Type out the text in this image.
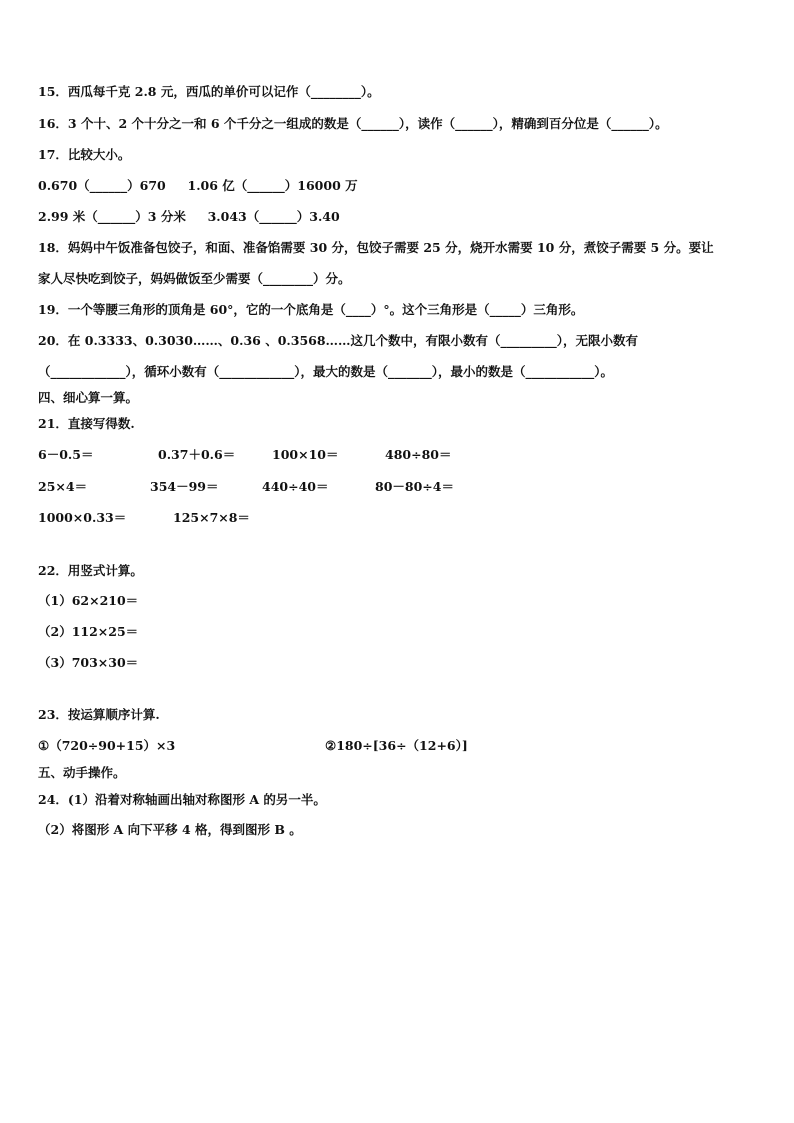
15．西瓜每千克 2.8 元，西瓜的单价可以记作（________）。
16．3 个十、2 个十分之一和 6 个千分之一组成的数是（______），读作（______），精确到百分位是（______）。
17．比较大小。
0.670（______）670     1.06 亿（______）16000 万
2.99 米（______）3 分米     3.043（______）3.40
18．妈妈中午饭准备包饺子，和面、准备馅需要 30 分，包饺子需要 25 分，烧开水需要 10 分，煮饺子需要 5 分。要让
家人尽快吃到饺子，妈妈做饭至少需要（________）分。
19．一个等腰三角形的顶角是 60°，它的一个底角是（____）°。这个三角形是（_____）三角形。
20．在 0.3333、0.3030……、0.36 、0.3568……这几个数中，有限小数有（_________），无限小数有
（____________），循环小数有（____________），最大的数是（_______），最小的数是（___________）。
四、细心算一算。
21．直接写得数.
6－0.5＝	0.37＋0.6＝	100×10＝	480÷80＝
25×4＝	354－99＝	440÷40＝	80－80÷4＝
1000×0.33＝	125×7×8＝
22．用竖式计算。
（1）62×210＝
（2）112×25＝
（3）703×30＝
23．按运算顺序计算.
①（720÷90+15）×3	②180÷[36÷（12+6）]
五、动手操作。
24．(1）沿着对称轴画出轴对称图形 A 的另一半。
（2）将图形 A 向下平移 4 格，得到图形 B 。
